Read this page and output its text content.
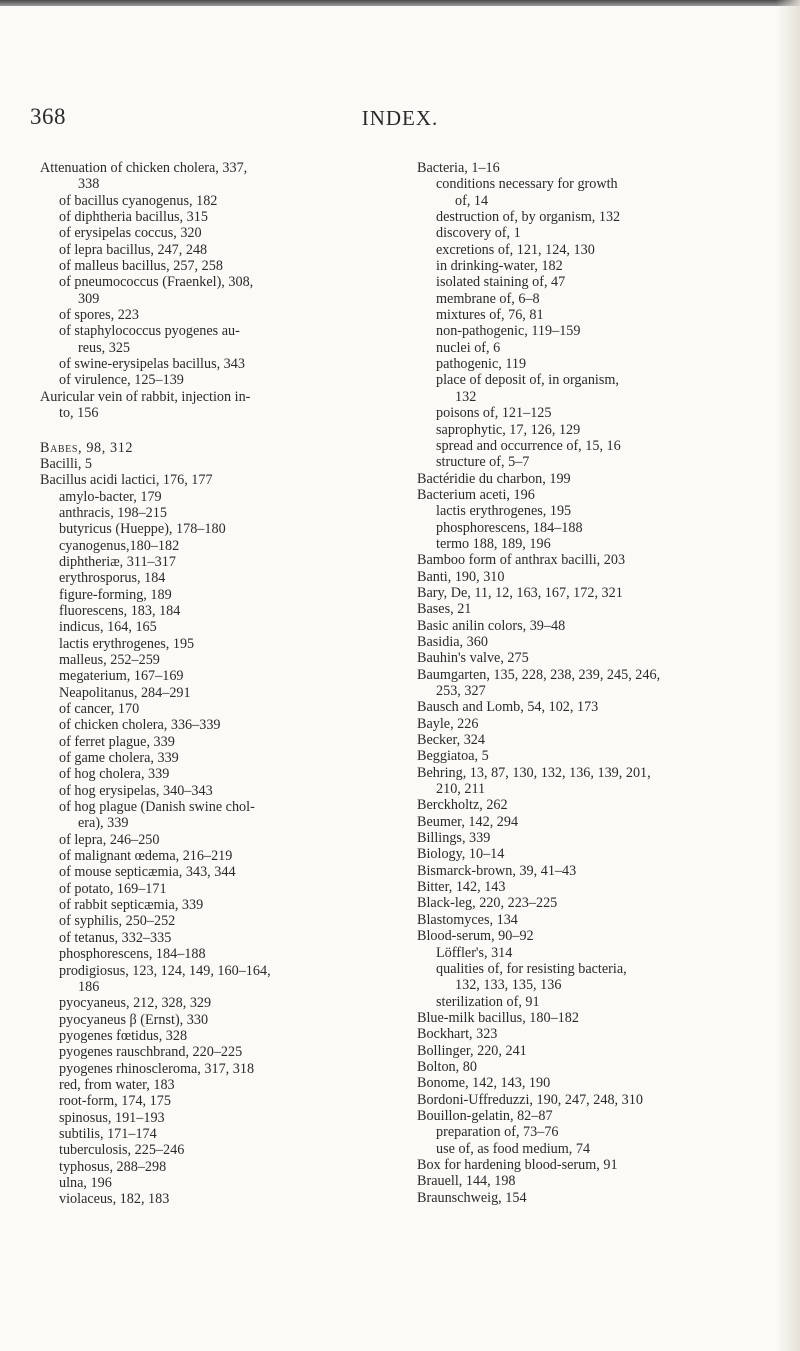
368	INDEX.
Attenuation of chicken cholera, 337,
338
of bacillus cyanogenus, 182
of diphtheria bacillus, 315
of erysipelas coccus, 320
of lepra bacillus, 247, 248
of malleus bacillus, 257, 258
of pneumococcus (Fraenkel), 308,
309
of spores, 223
of staphylococcus pyogenes au-
reus, 325
of swine-erysipelas bacillus, 343
of virulence, 125–139
Auricular vein of rabbit, injection in-
to, 156
Babes, 98, 312
Bacilli, 5
Bacillus acidi lactici, 176, 177
amylo-bacter, 179
anthracis, 198–215
butyricus (Hueppe), 178–180
cyanogenus,180–182
diphtheriæ, 311–317
erythrosporus, 184
figure-forming, 189
fluorescens, 183, 184
indicus, 164, 165
lactis erythrogenes, 195
malleus, 252–259
megaterium, 167–169
Neapolitanus, 284–291
of cancer, 170
of chicken cholera, 336–339
of ferret plague, 339
of game cholera, 339
of hog cholera, 339
of hog erysipelas, 340–343
of hog plague (Danish swine chol-
era), 339
of lepra, 246–250
of malignant œdema, 216–219
of mouse septicæmia, 343, 344
of potato, 169–171
of rabbit septicæmia, 339
of syphilis, 250–252
of tetanus, 332–335
phosphorescens, 184–188
prodigiosus, 123, 124, 149, 160–164,
186
pyocyaneus, 212, 328, 329
pyocyaneus β (Ernst), 330
pyogenes fœtidus, 328
pyogenes rauschbrand, 220–225
pyogenes rhinoscleroma, 317, 318
red, from water, 183
root-form, 174, 175
spinosus, 191–193
subtilis, 171–174
tuberculosis, 225–246
typhosus, 288–298
ulna, 196
violaceus, 182, 183
Bacteria, 1–16
conditions necessary for growth
of, 14
destruction of, by organism, 132
discovery of, 1
excretions of, 121, 124, 130
in drinking-water, 182
isolated staining of, 47
membrane of, 6–8
mixtures of, 76, 81
non-pathogenic, 119–159
nuclei of, 6
pathogenic, 119
place of deposit of, in organism,
132
poisons of, 121–125
saprophytic, 17, 126, 129
spread and occurrence of, 15, 16
structure of, 5–7
Bactéridie du charbon, 199
Bacterium aceti, 196
lactis erythrogenes, 195
phosphorescens, 184–188
termo 188, 189, 196
Bamboo form of anthrax bacilli, 203
Banti, 190, 310
Bary, De, 11, 12, 163, 167, 172, 321
Bases, 21
Basic anilin colors, 39–48
Basidia, 360
Bauhin's valve, 275
Baumgarten, 135, 228, 238, 239, 245, 246,
253, 327
Bausch and Lomb, 54, 102, 173
Bayle, 226
Becker, 324
Beggiatoa, 5
Behring, 13, 87, 130, 132, 136, 139, 201,
210, 211
Berckholtz, 262
Beumer, 142, 294
Billings, 339
Biology, 10–14
Bismarck-brown, 39, 41–43
Bitter, 142, 143
Black-leg, 220, 223–225
Blastomyces, 134
Blood-serum, 90–92
Löffler's, 314
qualities of, for resisting bacteria,
132, 133, 135, 136
sterilization of, 91
Blue-milk bacillus, 180–182
Bockhart, 323
Bollinger, 220, 241
Bolton, 80
Bonome, 142, 143, 190
Bordoni-Uffreduzzi, 190, 247, 248, 310
Bouillon-gelatin, 82–87
preparation of, 73–76
use of, as food medium, 74
Box for hardening blood-serum, 91
Brauell, 144, 198
Braunschweig, 154
